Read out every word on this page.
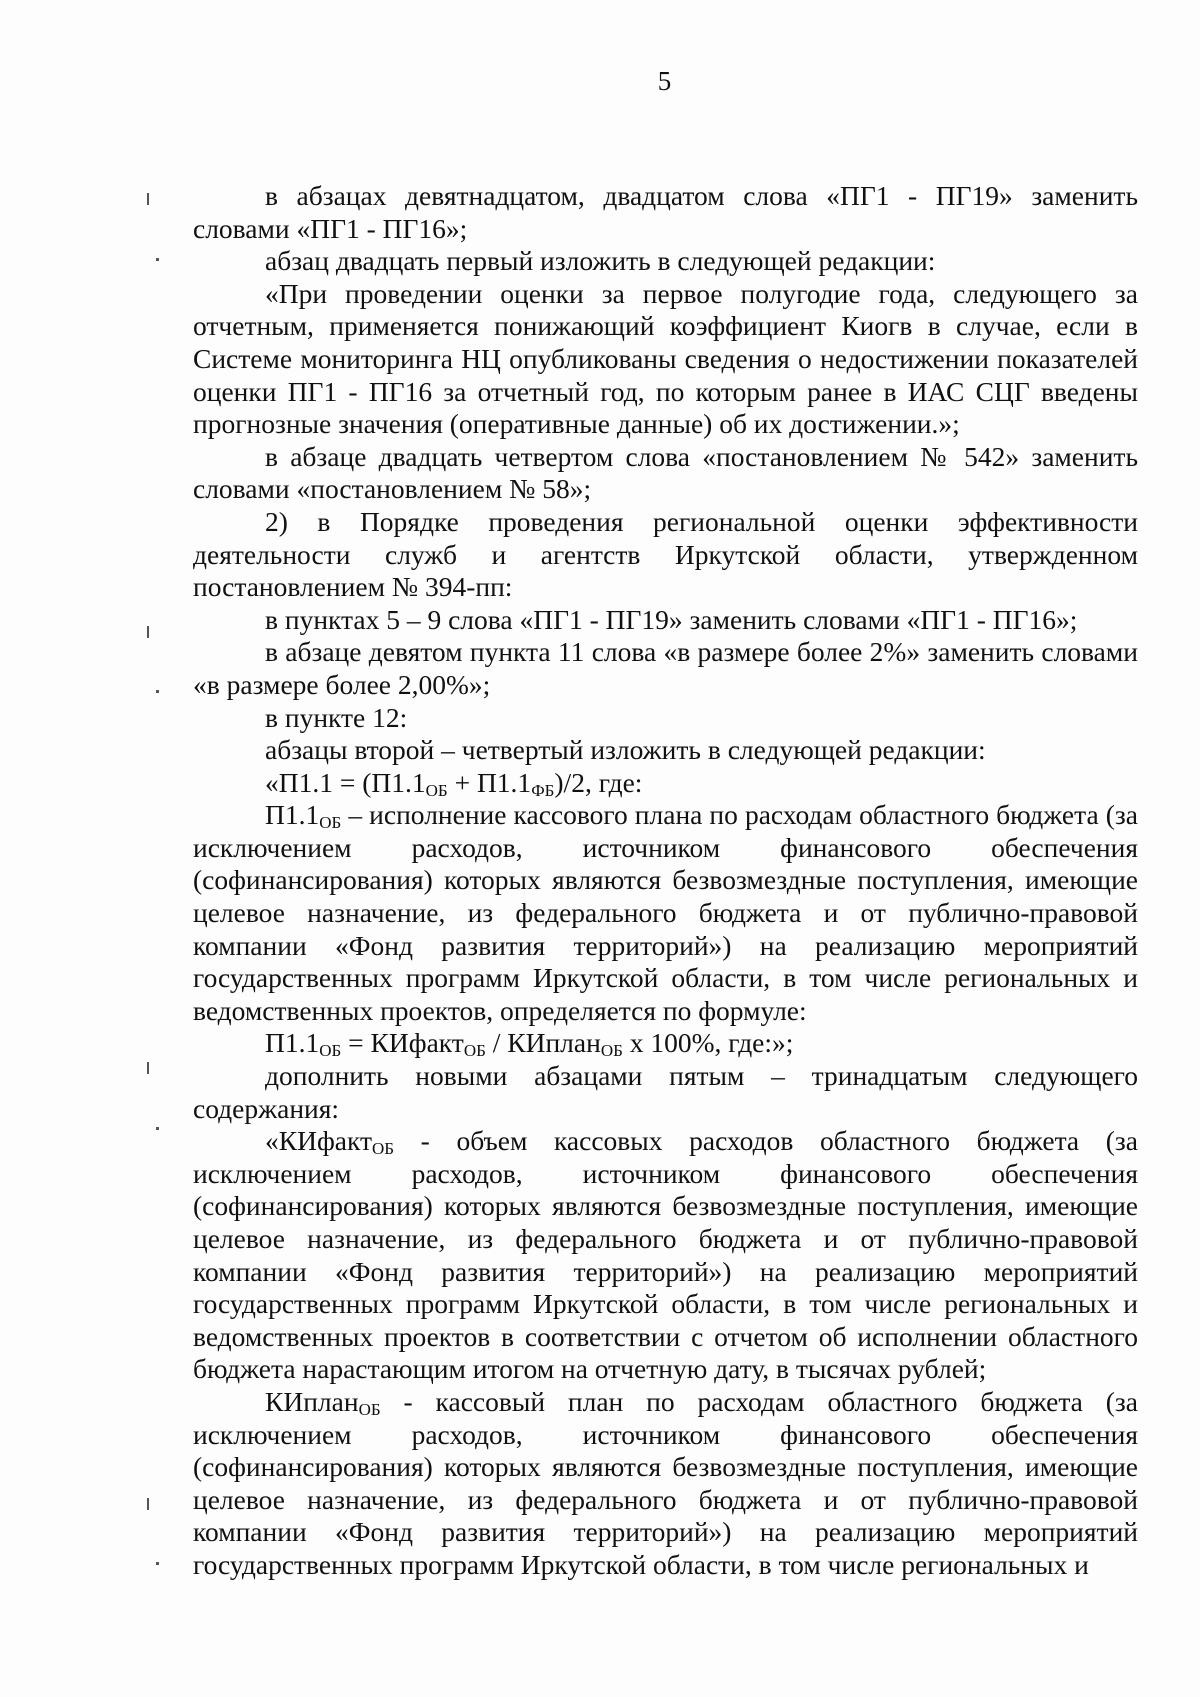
5

в абзацах девятнадцатом, двадцатом слова «ПГ1 - ПГ19» заменить словами «ПГ1 - ПГ16»;

абзац двадцать первый изложить в следующей редакции:

«При проведении оценки за первое полугодие года, следующего за отчетным, применяется понижающий коэффициент Киогв в случае, если в Системе мониторинга НЦ опубликованы сведения о недостижении показателей оценки ПГ1 - ПГ16 за отчетный год, по которым ранее в ИАС СЦГ введены прогнозные значения (оперативные данные) об их достижении.»;

в абзаце двадцать четвертом слова «постановлением № 542» заменить словами «постановлением № 58»;

2) в Порядке проведения региональной оценки эффективности деятельности служб и агентств Иркутской области, утвержденном постановлением № 394-пп:

в пунктах 5 – 9 слова «ПГ1 - ПГ19» заменить словами «ПГ1 - ПГ16»;

в абзаце девятом пункта 11 слова «в размере более 2%» заменить словами «в размере более 2,00%»;

в пункте 12:

абзацы второй – четвертый изложить в следующей редакции:

«$П1.1 = (П1.1_{ОБ} + П1.1_{ФБ})/2$, где:

$П1.1_{ОБ}$ – исполнение кассового плана по расходам областного бюджета (за исключением расходов, источником финансового обеспечения (софинансирования) которых являются безвозмездные поступления, имеющие целевое назначение, из федерального бюджета и от публично-правовой компании «Фонд развития территорий») на реализацию мероприятий государственных программ Иркутской области, в том числе региональных и ведомственных проектов, определяется по формуле:

$П1.1_{ОБ}$ = КИфакт$_{ОБ}$ / КИплан$_{ОБ}$ х 100%, где:»;

дополнить новыми абзацами пятым – тринадцатым следующего содержания:

«КИфакт$_{ОБ}$ - объем кассовых расходов областного бюджета (за исключением расходов, источником финансового обеспечения (софинансирования) которых являются безвозмездные поступления, имеющие целевое назначение, из федерального бюджета и от публично-правовой компании «Фонд развития территорий») на реализацию мероприятий государственных программ Иркутской области, в том числе региональных и ведомственных проектов в соответствии с отчетом об исполнении областного бюджета нарастающим итогом на отчетную дату, в тысячах рублей;

КИплан$_{ОБ}$ - кассовый план по расходам областного бюджета (за исключением расходов, источником финансового обеспечения (софинансирования) которых являются безвозмездные поступления, имеющие целевое назначение, из федерального бюджета и от публично-правовой компании «Фонд развития территорий») на реализацию мероприятий государственных программ Иркутской области, в том числе региональных и
